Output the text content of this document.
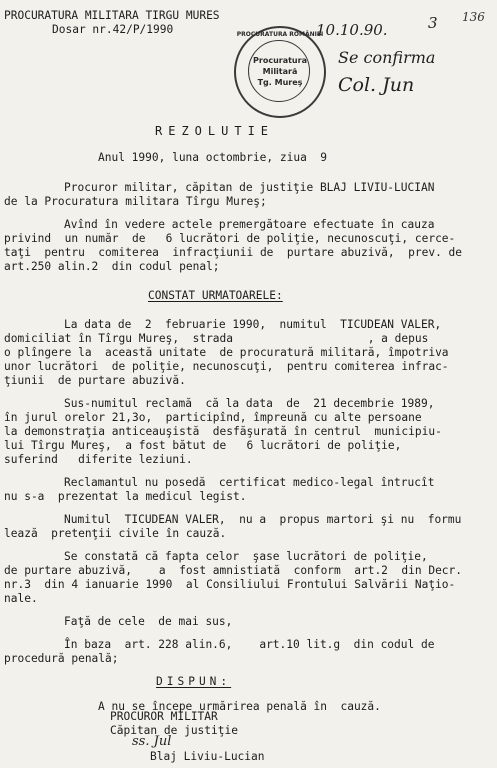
136
PROCURATURA MILITARA TIRGU MURES
Dosar nr.42/P/1990	10.10.90.	3
Se confirma
Col. Jun
PROCURATURA ROMÂNIEI
Procuratura
Militară
Tg. Mureş
REZOLUTIE
Anul 1990, luna octombrie, ziua  9
Procuror militar, căpitan de justiţie BLAJ LIVIU-LUCIAN
de la Procuratura militara Tîrgu Mureş;
Avînd în vedere actele premergătoare efectuate în cauza
privind  un număr  de   6 lucrători de poliţie, necunoscuţi, cerce-
taţi  pentru  comiterea  infracţiunii de  purtare abuzivă,  prev. de
art.250 alin.2  din codul penal;
CONSTAT URMATOARELE:
La data de  2  februarie 1990,  numitul  TICUDEAN VALER,
domiciliat în Tîrgu Mureş,  strada                    , a depus
o plîngere la  această unitate  de procuratură militară, împotriva
unor lucrători  de poliţie, necunoscuţi,  pentru comiterea infrac-
ţiunii  de purtare abuzivă.
Sus-numitul reclamă  că la data  de  21 decembrie 1989,
în jurul orelor 21,3o,  participînd, împreună cu alte persoane
la demonstraţia anticeauşistă  desfăşurată în centrul  municipiu-
lui Tîrgu Mureş,  a fost bătut de   6 lucrători de poliţie,
suferind   diferite leziuni.
Reclamantul nu posedă  certificat medico-legal întrucît
nu s-a  prezentat la medicul legist.
Numitul  TICUDEAN VALER,  nu a  propus martori şi nu  formu
lează  pretenţii civile în cauză.
Se constată că fapta celor  şase lucrători de poliţie,
de purtare abuzivă,    a  fost amnistiată  conform  art.2  din Decr.
nr.3  din 4 ianuarie 1990  al Consiliului Frontului Salvării Naţio-
nale.
Faţă de cele  de mai sus,
În baza  art. 228 alin.6,    art.10 lit.g  din codul de
procedură penală;
DISPUN:
A nu se începe urmărirea penală în  cauză.
PROCUROR MILITAR
Căpitan de justiţie
ss. Jul
Blaj Liviu-Lucian
